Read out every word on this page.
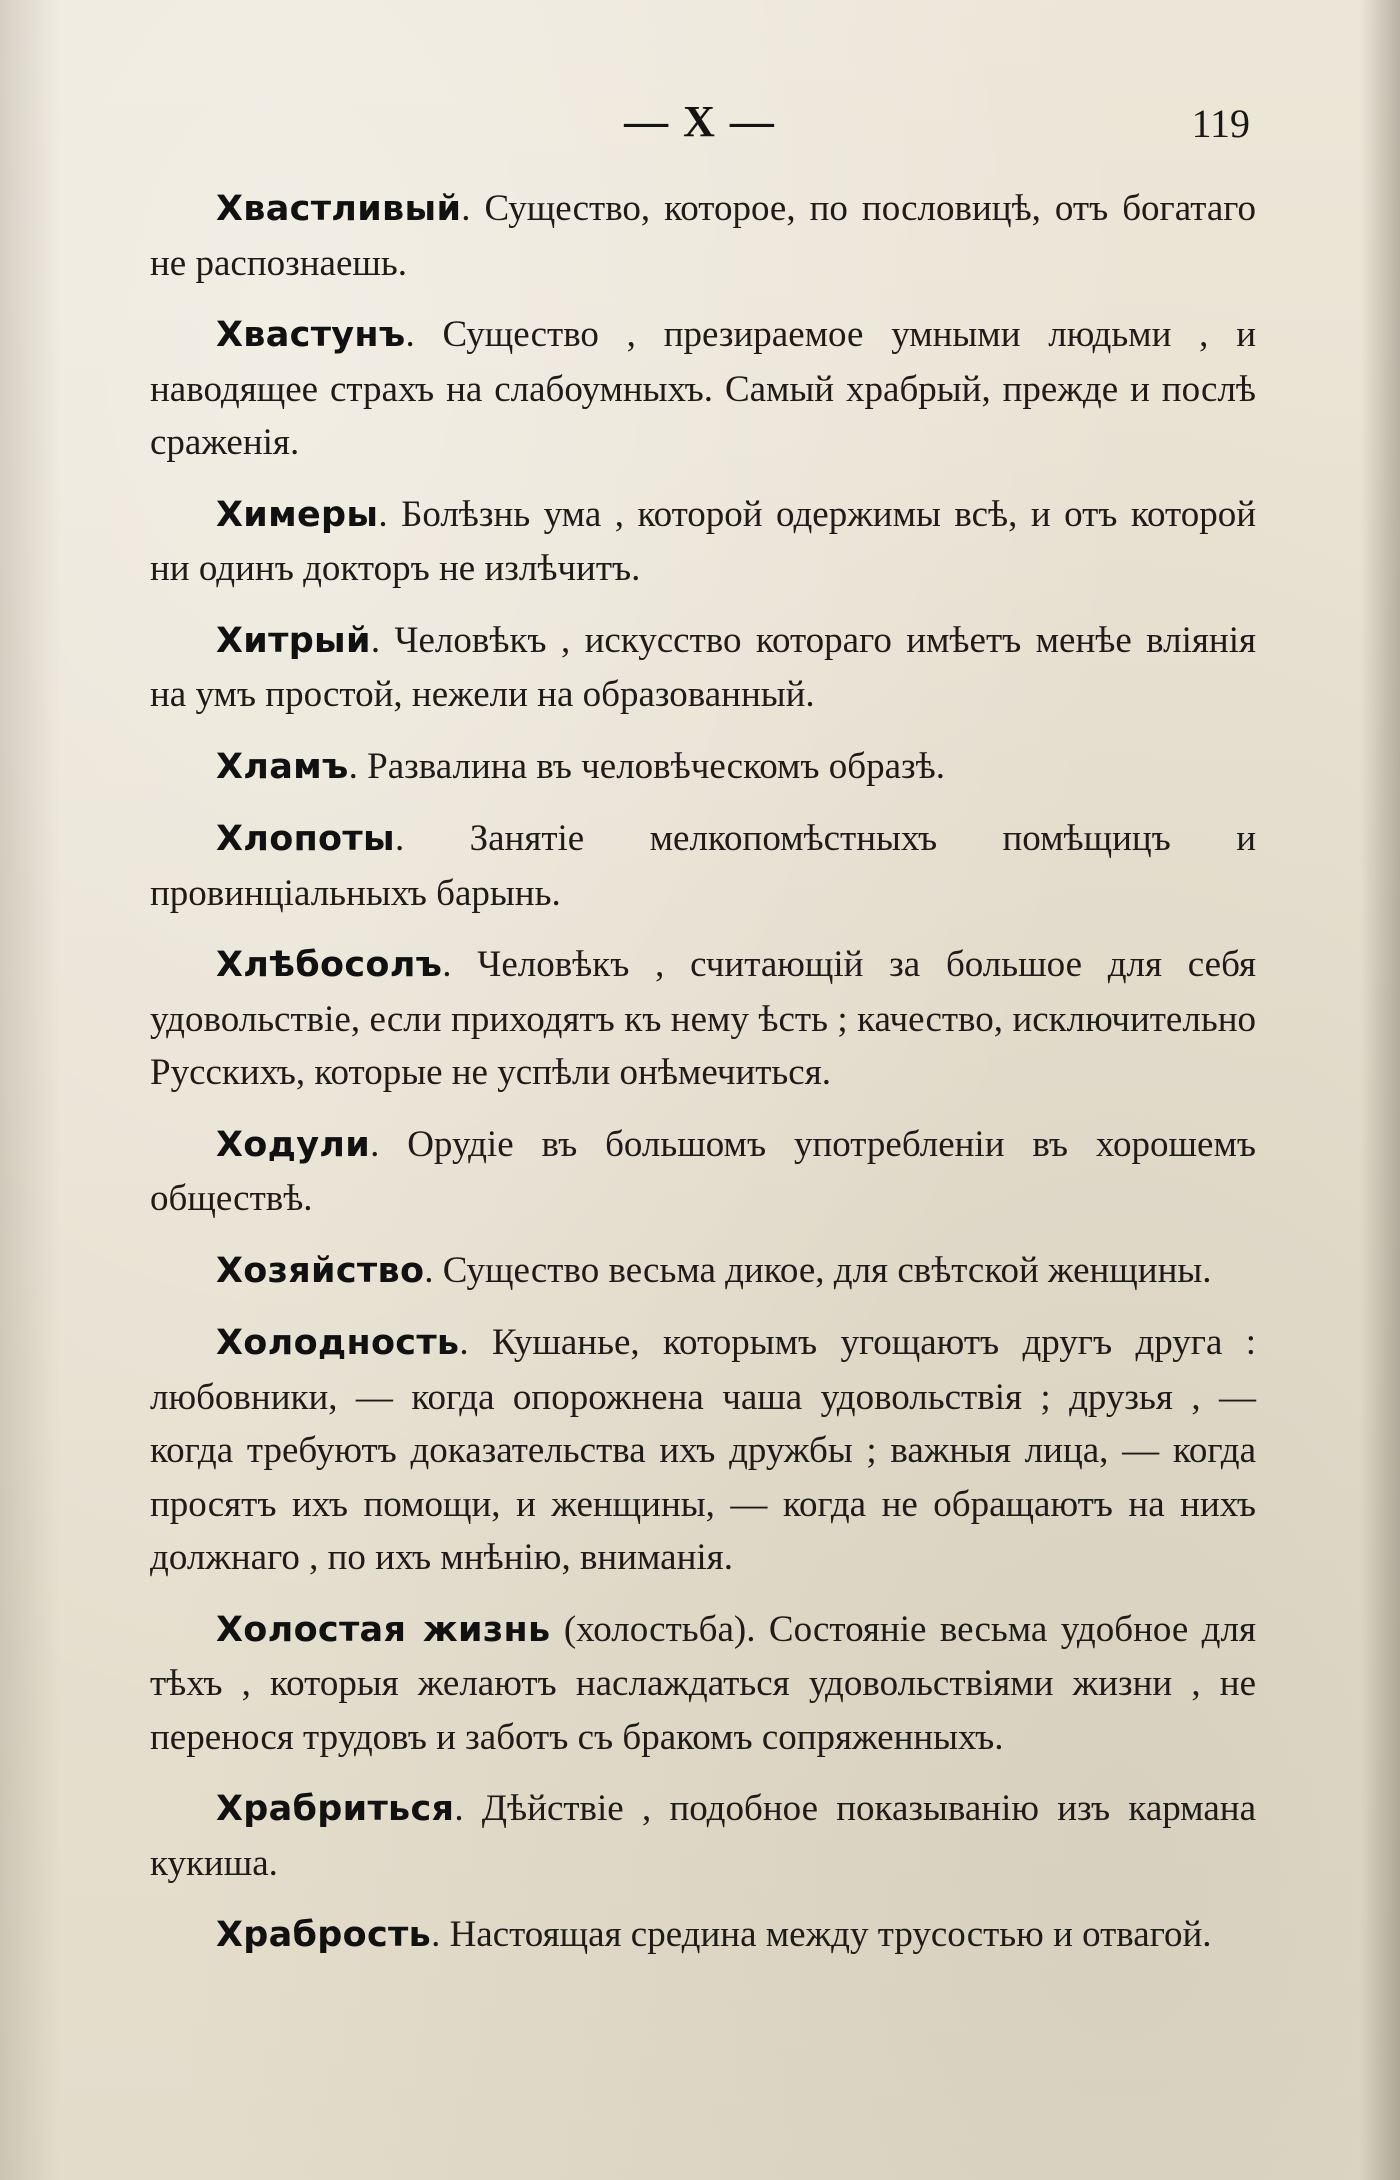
— Х —	119

Хвастливый. Существо, которое, по пословицѣ, отъ богатаго не распознаешь.

Хвастунъ. Существо , презираемое умными людьми , и наводящее страхъ на слабоумныхъ. Самый храбрый, прежде и послѣ сраженія.

Химеры. Болѣзнь ума , которой одержимы всѣ, и отъ которой ни одинъ докторъ не излѣчитъ.

Хитрый. Человѣкъ , искусство котораго имѣетъ менѣе вліянія на умъ простой, нежели на образованный.

Хламъ. Развалина въ человѣческомъ образѣ.

Хлопоты. Занятіе мелкопомѣстныхъ помѣщицъ и провинціальныхъ барынь.

Хлѣбосолъ. Человѣкъ , считающій за большое для себя удовольствіе, если приходятъ къ нему ѣсть ; качество, исключительно Русскихъ, которые не успѣли онѣмечиться.

Ходули. Орудіе въ большомъ употребленіи въ хорошемъ обществѣ.

Хозяйство. Существо весьма дикое, для свѣтской женщины.

Холодность. Кушанье, которымъ угощаютъ другъ друга : любовники, — когда опорожнена чаша удовольствія ; друзья , — когда требуютъ доказательства ихъ дружбы ; важныя лица, — когда просятъ ихъ помощи, и женщины, — когда не обращаютъ на нихъ должнаго , по ихъ мнѣнію, вниманія.

Холостая жизнь (холостьба). Состояніе весьма удобное для тѣхъ , которыя желаютъ наслаждаться удовольствіями жизни , не перенося трудовъ и заботъ съ бракомъ сопряженныхъ.

Храбриться. Дѣйствіе , подобное показыванію изъ кармана кукиша.

Храбрость. Настоящая средина между трусостью и отвагой.
